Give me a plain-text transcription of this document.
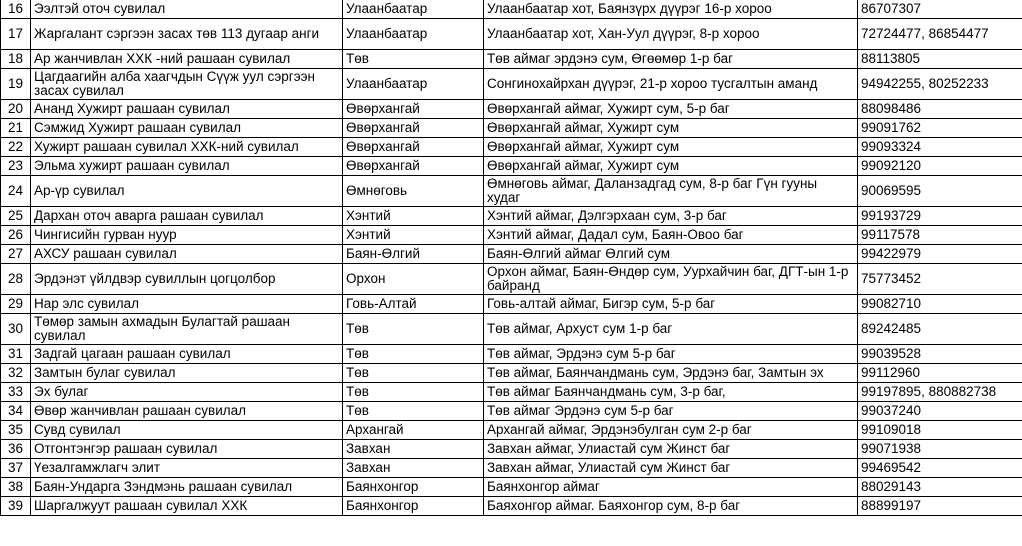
16	Ээлтэй оточ сувилал	Улаанбаатар	Улаанбаатар хот, Баянзүрх дүүрэг 16-р хороо	86707307
17	Жаргалант сэргээн засах төв 113 дугаар анги	Улаанбаатар	Улаанбаатар хот, Хан-Уул дүүрэг, 8-р хороо	72724477, 86854477
18	Ар жанчивлан ХХК -ний рашаан сувилал	Төв	Төв аймаг эрдэнэ сум, Өгөөмөр 1-р баг	88113805
19	Цагдаагийн алба хаагчдын Сүүж уул сэргээн засах сувилал	Улаанбаатар	Сонгинохайрхан дүүрэг, 21-р хороо тусгалтын аманд	94942255, 80252233
20	Ананд Хужирт рашаан сувилал	Өвөрхангай	Өвөрхангай аймаг, Хужирт сум, 5-р баг	88098486
21	Сэмжид Хужирт рашаан сувилал	Өвөрхангай	Өвөрхангай аймаг, Хужирт сум	99091762
22	Хужирт рашаан сувилал ХХК-ний сувилал	Өвөрхангай	Өвөрхангай аймаг, Хужирт сум	99093324
23	Эльма хужирт рашаан сувилал	Өвөрхангай	Өвөрхангай аймаг, Хужирт сум	99092120
24	Ар-үр сувилал	Өмнөговь	Өмнөговь аймаг, Даланзадгад сум, 8-р баг Гүн гууны худаг	90069595
25	Дархан оточ аварга рашаан сувилал	Хэнтий	Хэнтий аймаг, Дэлгэрхаан сум, 3-р баг	99193729
26	Чингисийн гурван нуур	Хэнтий	Хэнтий аймаг, Дадал сум, Баян-Овоо баг	99117578
27	АХСУ рашаан сувилал	Баян-Өлгий	Баян-Өлгий аймаг Өлгий сум	99422979
28	Эрдэнэт үйлдвэр сувиллын цогцолбор	Орхон	Орхон аймаг, Баян-Өндөр сум, Уурхайчин баг, ДГТ-ын 1-р байранд	75773452
29	Нар элс сувилал	Говь-Алтай	Говь-алтай аймаг, Бигэр сум, 5-р баг	99082710
30	Төмөр замын ахмадын Булагтай рашаан сувилал	Төв	Төв аймаг, Архуст сум 1-р баг	89242485
31	Задгай цагаан рашаан сувилал	Төв	Төв аймаг, Эрдэнэ сум 5-р баг	99039528
32	Замтын булаг сувилал	Төв	Төв аймаг, Баянчандмань сум, Эрдэнэ баг, Замтын эх	99112960
33	Эх булаг	Төв	Төв аймаг Баянчандмань сум, 3-р баг,	99197895, 880882738
34	Өвөр жанчивлан рашаан сувилал	Төв	Төв аймаг Эрдэнэ сум 5-р баг	99037240
35	Сувд сувилал	Архангай	Архангай аймаг, Эрдэнэбулган сум 2-р баг	99109018
36	Отгонтэнгэр рашаан сувилал	Завхан	Завхан аймаг, Улиастай сум Жинст баг	99071938
37	Үезалгамжлагч элит	Завхан	Завхан аймаг, Улиастай сум Жинст баг	99469542
38	Баян-Ундарга Зэндмэнь рашаан сувилал	Баянхонгор	Баянхонгор аймаг	88029143
39	Шаргалжуут рашаан сувилал ХХК	Баянхонгор	Баяхонгор аймаг. Баяхонгор сум, 8-р баг	88899197
